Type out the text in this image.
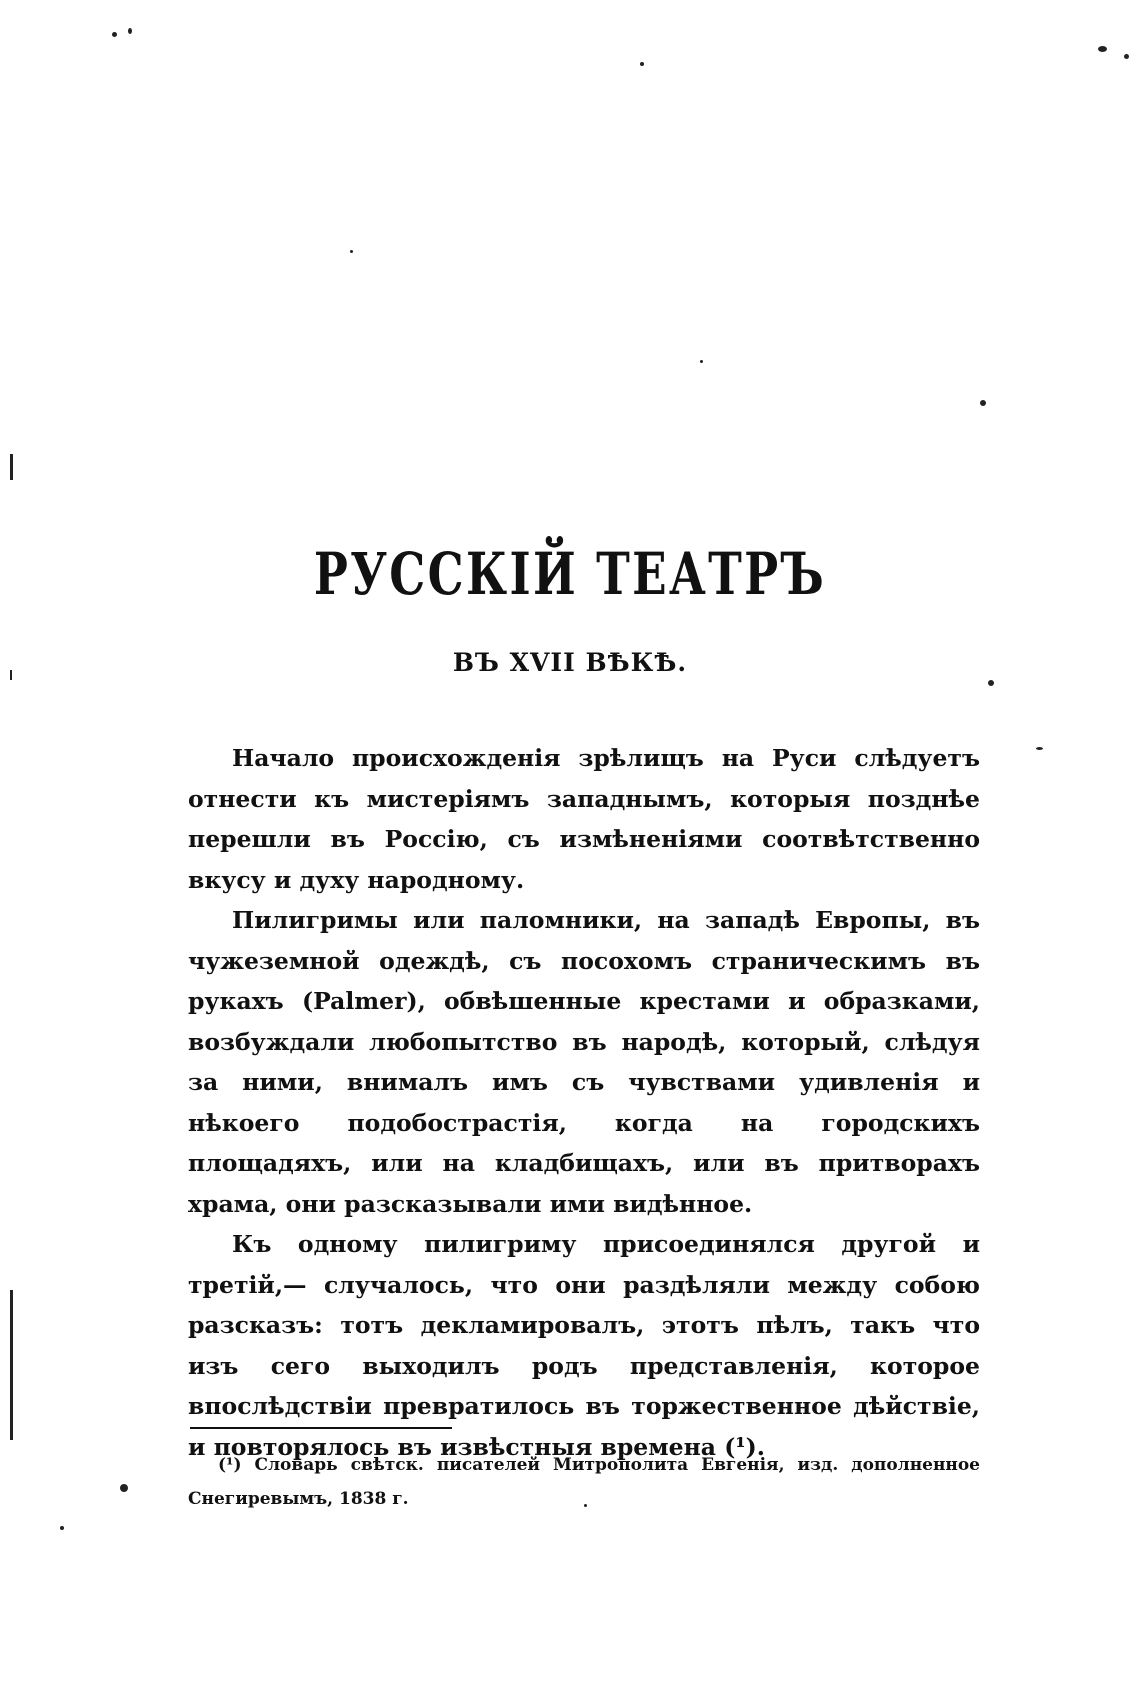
РУССКІЙ ТЕАТРЪ
ВЪ XVII ВѢКѢ.

Начало происхожденія зрѣлищъ на Руси слѣдуетъ отнести къ мистеріямъ западнымъ, которыя позднѣе перешли въ Россію, съ измѣненіями соотвѣтственно вкусу и духу народному.

Пилигримы или паломники, на западѣ Европы, въ чужеземной одеждѣ, съ посохомъ страническимъ въ рукахъ (Palmer), обвѣшенные крестами и образками, возбуждали любопытство въ народѣ, который, слѣдуя за ними, внималъ имъ съ чувствами удивленія и нѣкоего подобострастія, когда на городскихъ площадяхъ, или на кладбищахъ, или въ притворахъ храма, они разсказывали ими видѣнное.

Къ одному пилигриму присоединялся другой и третій,— случалось, что они раздѣляли между собою разсказъ: тотъ декламировалъ, этотъ пѣлъ, такъ что изъ сего выходилъ родъ представленія, которое впослѣдствіи превратилось въ торжественное дѣйствіе, и повторялось въ извѣстныя времена (¹).

(¹) Словарь свѣтск. писателей Митрополита Евгенія, изд. дополненное Снегиревымъ, 1838 г.
